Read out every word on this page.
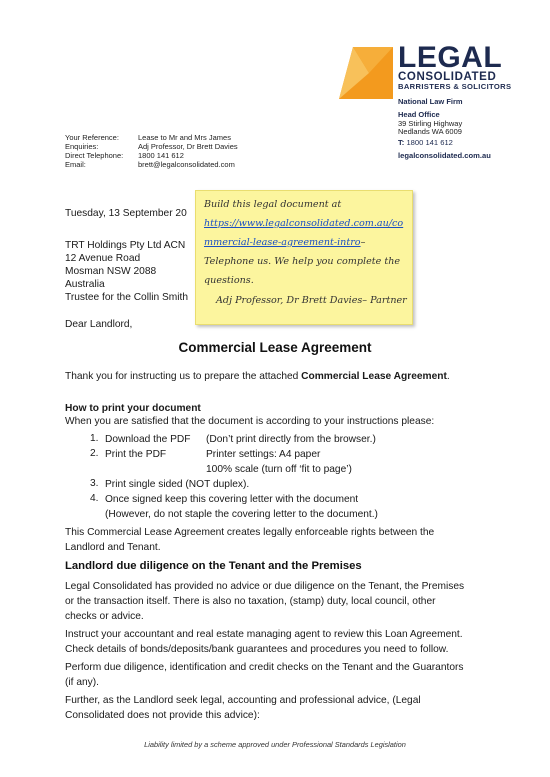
LEGAL
CONSOLIDATED
BARRISTERS & SOLICITORS
National Law Firm
Head Office
39 Stirling Highway
Nedlands WA 6009
T: 1800 141 612
legalconsolidated.com.au
Your Reference:	Lease to Mr and Mrs James
Enquiries:	Adj Professor, Dr Brett Davies
Direct Telephone: 1800 141 612
Email:	brett@legalconsolidated.com
Tuesday, 13 September 20
TRT Holdings Pty Ltd ACN
12 Avenue Road
Mosman NSW 2088
Australia
Trustee for the Collin Smith
Dear Landlord,
Build this legal document at
https://www.legalconsolidated.com.au/co
mmercial-lease-agreement-intro–
Telephone us. We help you complete the
questions.
Adj Professor, Dr Brett Davies– Partner
Commercial Lease Agreement
Thank you for instructing us to prepare the attached Commercial Lease Agreement.
How to print your document
When you are satisfied that the document is according to your instructions please:
1. Download the PDF (Don’t print directly from the browser.)
2. Print the PDF	Printer settings: A4 paper
100% scale (turn off ‘fit to page’)
3. Print single sided (NOT duplex).
4. Once signed keep this covering letter with the document
(However, do not staple the covering letter to the document.)
This Commercial Lease Agreement creates legally enforceable rights between the
Landlord and Tenant.
Landlord due diligence on the Tenant and the Premises
Legal Consolidated has provided no advice or due diligence on the Tenant, the Premises
or the transaction itself. There is also no taxation, (stamp) duty, local council, other
checks or advice.
Instruct your accountant and real estate managing agent to review this Loan Agreement.
Check details of bonds/deposits/bank guarantees and procedures you need to follow.
Perform due diligence, identification and credit checks on the Tenant and the Guarantors
(if any).
Further, as the Landlord seek legal, accounting and professional advice, (Legal
Consolidated does not provide this advice):
Liability limited by a scheme approved under Professional Standards Legislation
